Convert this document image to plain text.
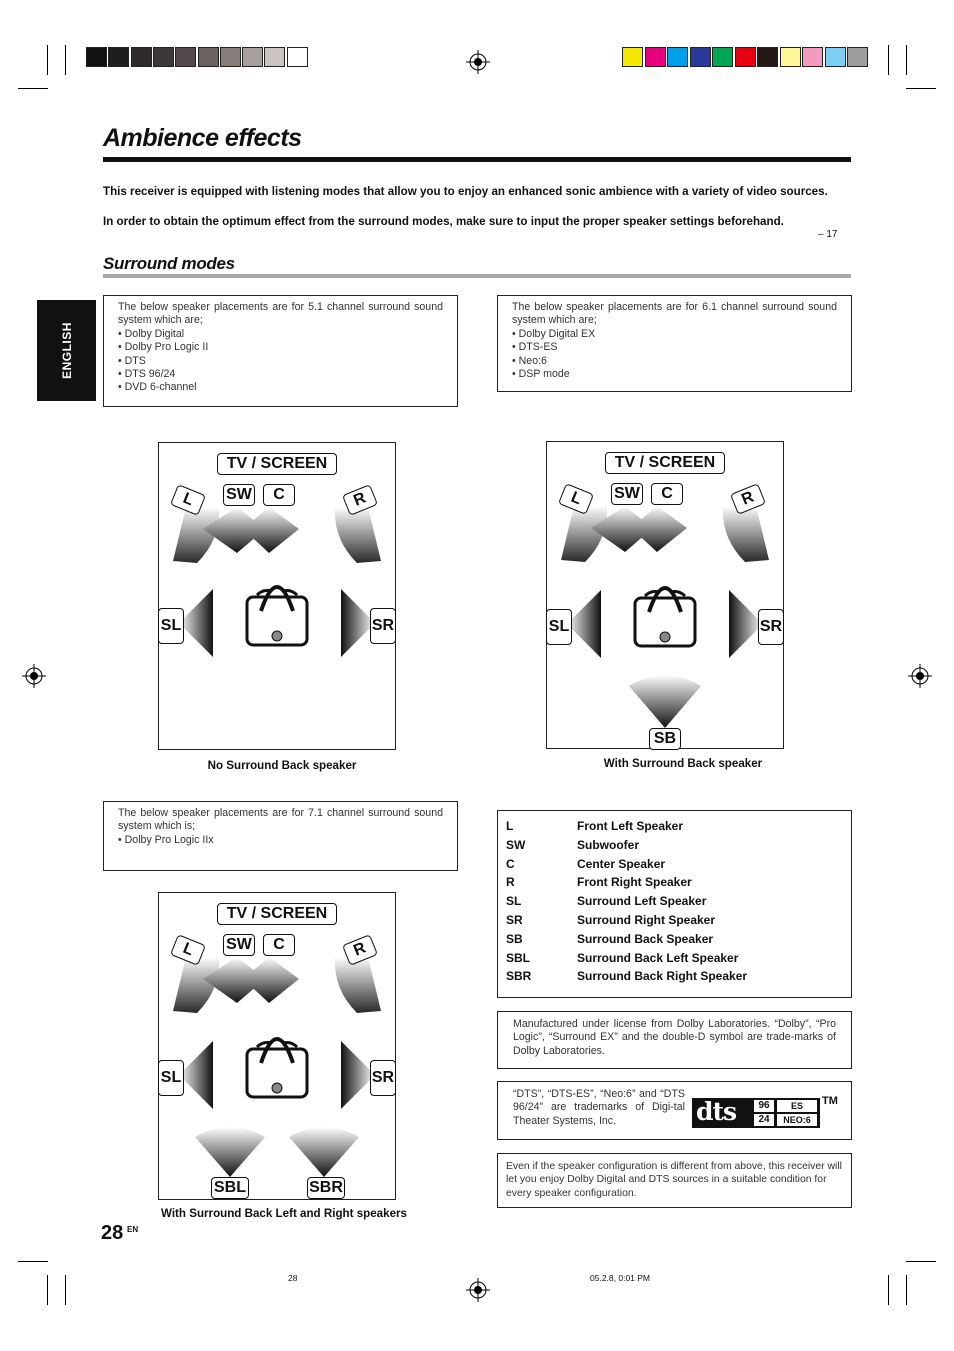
Ambience effects
This receiver is equipped with listening modes that allow you to enjoy an enhanced sonic ambience with a variety of video sources.
In order to obtain the optimum effect from the surround modes, make sure to input the proper speaker settings beforehand.
– 17
Surround modes
ENGLISH
The below speaker placements are for 5.1 channel surround sound system which are;
• Dolby Digital
• Dolby Pro Logic II
• DTS
• DTS 96/24
• DVD 6-channel
The below speaker placements are for 6.1 channel surround sound system which are;
• Dolby Digital EX
• DTS-ES
• Neo:6
• DSP mode
The below speaker placements are for 7.1 channel surround sound system which is;
• Dolby Pro Logic IIx
TV / SCREEN
L	SW	C	R
SL	SR
No Surround Back speaker
TV / SCREEN
L	SW	C	R
SL	SR
SB
With Surround Back speaker
TV / SCREEN
L	SW	C	R
SL	SR
SBL	SBR
With Surround Back Left and Right speakers
L	Front Left Speaker
SW	Subwoofer
C	Center Speaker
R	Front Right Speaker
SL	Surround Left Speaker
SR	Surround Right Speaker
SB	Surround Back Speaker
SBL	Surround Back Left Speaker
SBR	Surround Back Right Speaker
Manufactured under license from Dolby Laboratories. “Dolby”, “Pro Logic”, “Surround EX” and the double-D symbol are trade-marks of Dolby Laboratories.
“DTS”, “DTS-ES”, “Neo:6” and “DTS 96/24” are trademarks of Digi-tal Theater Systems, Inc.	dts	96
24
ES
NEO:6
TM
Even if the speaker configuration is different from above, this receiver will let you enjoy Dolby Digital and DTS sources in a suitable condition for every speaker configuration.
28 EN
28	05.2.8, 0:01 PM
